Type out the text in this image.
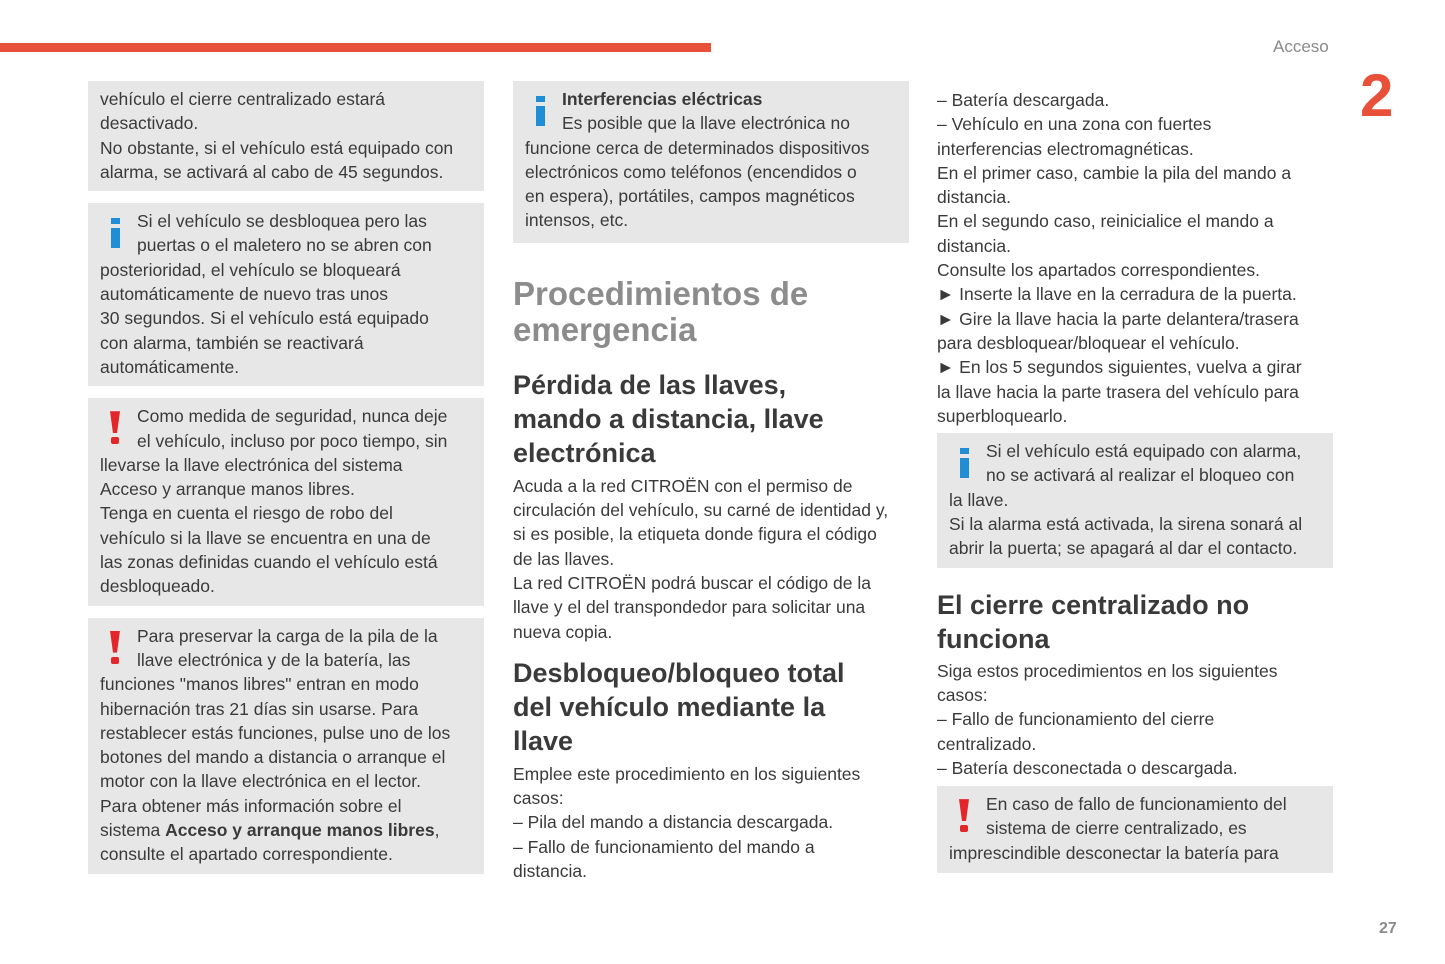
Acceso
2
27

vehículo el cierre centralizado estará
desactivado.
No obstante, si el vehículo está equipado con
alarma, se activará al cabo de 45 segundos.

Si el vehículo se desbloquea pero las
puertas o el maletero no se abren con

posterioridad, el vehículo se bloqueará
automáticamente de nuevo tras unos
30 segundos. Si el vehículo está equipado
con alarma, también se reactivará
automáticamente.

Como medida de seguridad, nunca deje
el vehículo, incluso por poco tiempo, sin

llevarse la llave electrónica del sistema
Acceso y arranque manos libres.
Tenga en cuenta el riesgo de robo del
vehículo si la llave se encuentra en una de
las zonas definidas cuando el vehículo está
desbloqueado.

Para preservar la carga de la pila de la
llave electrónica y de la batería, las

funciones "manos libres" entran en modo
hibernación tras 21 días sin usarse. Para
restablecer estás funciones, pulse uno de los
botones del mando a distancia o arranque el
motor con la llave electrónica en el lector.
Para obtener más información sobre el

sistema Acceso y arranque manos libres,

consulte el apartado correspondiente.

Interferencias eléctricas

Es posible que la llave electrónica no

funcione cerca de determinados dispositivos
electrónicos como teléfonos (encendidos o
en espera), portátiles, campos magnéticos
intensos, etc.

Procedimientos de
emergencia
Pérdida de las llaves,
mando a distancia, llave
electrónica

Acuda a la red CITROËN con el permiso de
circulación del vehículo, su carné de identidad y,
si es posible, la etiqueta donde figura el código
de las llaves.
La red CITROËN podrá buscar el código de la
llave y el del transpondedor para solicitar una
nueva copia.

Desbloqueo/bloqueo total
del vehículo mediante la
llave

Emplee este procedimiento en los siguientes
casos:
– Pila del mando a distancia descargada.
– Fallo de funcionamiento del mando a
distancia.

– Batería descargada.
– Vehículo en una zona con fuertes
interferencias electromagnéticas.
En el primer caso, cambie la pila del mando a
distancia.
En el segundo caso, reinicialice el mando a
distancia.
Consulte los apartados correspondientes.
► Inserte la llave en la cerradura de la puerta.
► Gire la llave hacia la parte delantera/trasera
para desbloquear/bloquear el vehículo.
► En los 5 segundos siguientes, vuelva a girar
la llave hacia la parte trasera del vehículo para
superbloquearlo.

Si el vehículo está equipado con alarma,
no se activará al realizar el bloqueo con

la llave.
Si la alarma está activada, la sirena sonará al
abrir la puerta; se apagará al dar el contacto.

El cierre centralizado no
funciona

Siga estos procedimientos en los siguientes
casos:
– Fallo de funcionamiento del cierre
centralizado.
– Batería desconectada o descargada.

En caso de fallo de funcionamiento del
sistema de cierre centralizado, es

imprescindible desconectar la batería para
